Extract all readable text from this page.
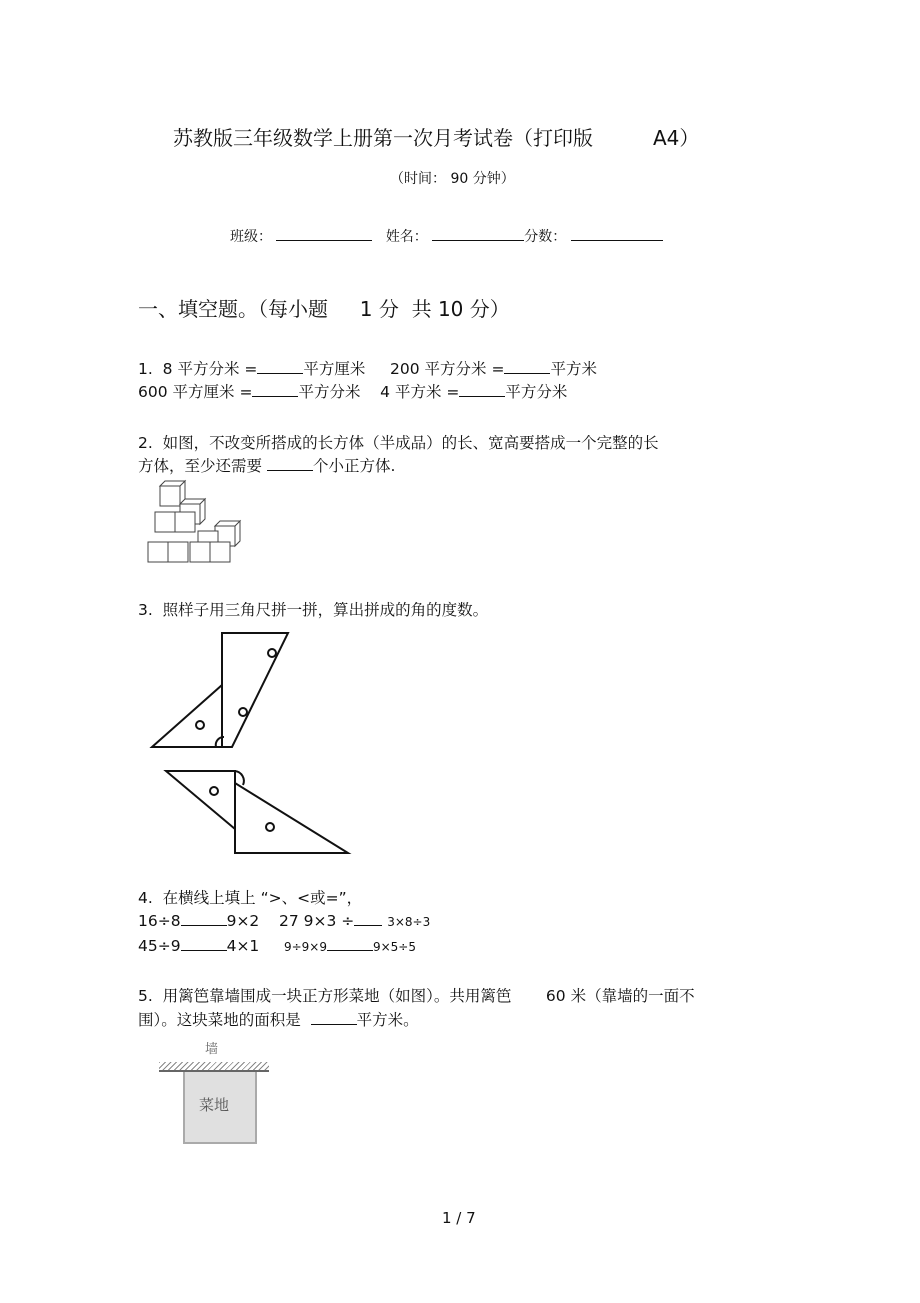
苏教版三年级数学上册第一次月考试卷（打印版	A4）
（时间： 90 分钟）

班级：	姓名：	分数：
一、填空题。（每小题 1 分  共 10 分）
1. 8 平方分米 =	平方厘米 200 平方分米 =	平方米
600 平方厘米 =	平方分米 4 平方米 =	平方分米
2. 如图，不改变所搭成的长方体（半成品）的长、宽高要搭成一个完整的长
方体，至少还需要	个小正方体.
3. 照样子用三角尺拼一拼，算出拼成的角的度数。
4. 在横线上填上 “>、<或=”，
16÷8	9×2 27 9×3 ÷	3×8÷3
45÷9	4×1 9÷9×9	9×5÷5
5. 用篱笆靠墙围成一块正方形菜地（如图）。共用篱笆 60 米（靠墙的一面不
围）。这块菜地的面积是	平方米。
墙
菜地
1 / 7
